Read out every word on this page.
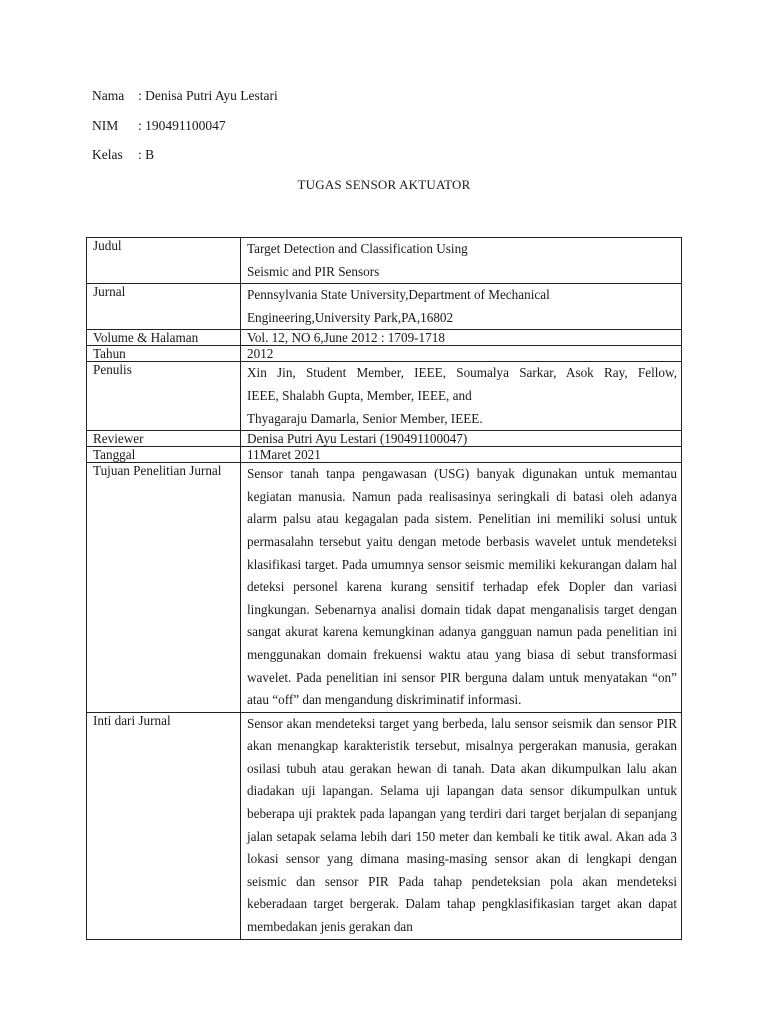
Nama : Denisa Putri Ayu Lestari
NIM : 190491100047
Kelas : B
TUGAS SENSOR AKTUATOR
Judul	Target Detection and Classification Using
Seismic and PIR Sensors

Jurnal	Pennsylvania State University,Department of Mechanical
Engineering,University Park,PA,16802

Volume & Halaman	Vol. 12, NO 6,June 2012 : 1709-1718
Tahun	2012
Penulis	Xin Jin, Student Member, IEEE, Soumalya Sarkar, Asok Ray, Fellow,
IEEE, Shalabh Gupta, Member, IEEE, and
Thyagaraju Damarla, Senior Member, IEEE.

Reviewer	Denisa Putri Ayu Lestari (190491100047)
Tanggal	11Maret 2021
Tujuan Penelitian Jurnal	Sensor tanah tanpa pengawasan (USG) banyak digunakan untuk memantau kegiatan manusia. Namun pada realisasinya seringkali di batasi oleh adanya alarm palsu atau kegagalan pada sistem. Penelitian ini memiliki solusi untuk permasalahn tersebut yaitu dengan metode berbasis wavelet untuk mendeteksi klasifikasi target. Pada umumnya sensor seismic memiliki kekurangan dalam hal deteksi personel karena kurang sensitif terhadap efek Dopler dan variasi lingkungan. Sebenarnya analisi domain tidak dapat menganalisis target dengan sangat akurat karena kemungkinan adanya gangguan namun pada penelitian ini menggunakan domain frekuensi waktu atau yang biasa di sebut transformasi wavelet. Pada penelitian ini sensor PIR berguna dalam untuk menyatakan “on” atau “off” dan mengandung diskriminatif informasi.
Inti dari Jurnal	Sensor akan mendeteksi target yang berbeda, lalu sensor seismik dan sensor PIR akan menangkap karakteristik tersebut, misalnya pergerakan manusia, gerakan osilasi tubuh atau gerakan hewan di tanah. Data akan dikumpulkan lalu akan diadakan uji lapangan. Selama uji lapangan data sensor dikumpulkan untuk beberapa uji praktek pada lapangan yang terdiri dari target berjalan di sepanjang jalan setapak selama lebih dari 150 meter dan kembali ke titik awal. Akan ada 3 lokasi sensor yang dimana masing-masing sensor akan di lengkapi dengan seismic dan sensor PIR Pada tahap pendeteksian pola akan mendeteksi keberadaan target bergerak. Dalam tahap pengklasifikasian target akan dapat membedakan jenis gerakan dan
